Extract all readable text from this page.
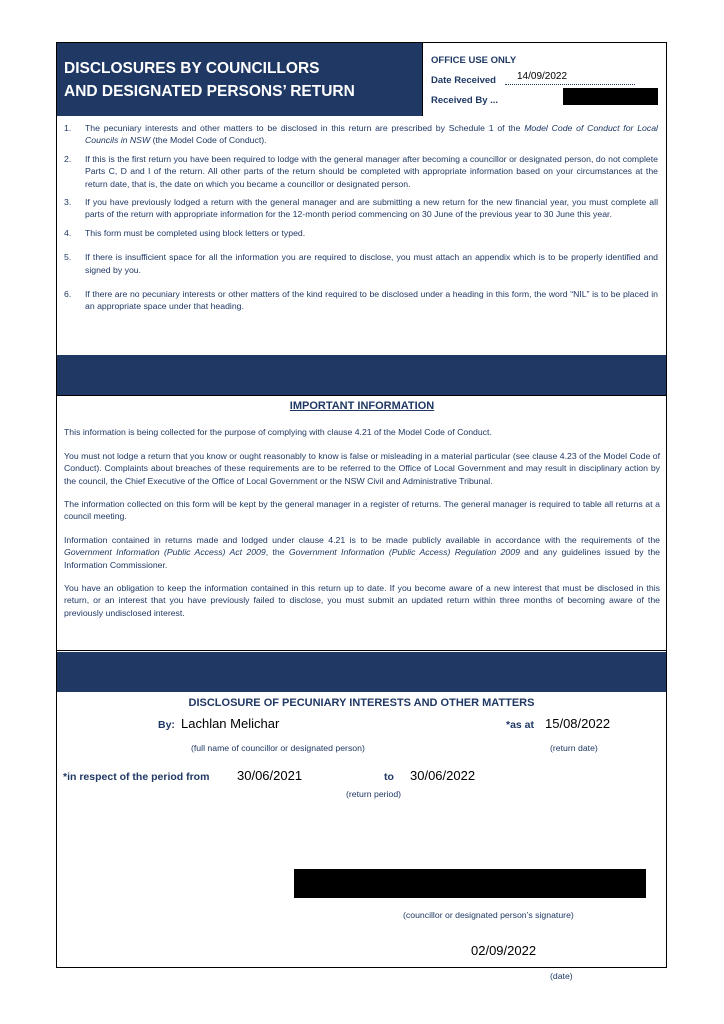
DISCLOSURES BY COUNCILLORS
AND DESIGNATED PERSONS’ RETURN
OFFICE USE ONLY
Date Received 14/09/2022
Received By ...
1.	The pecuniary interests and other matters to be disclosed in this return are prescribed by Schedule 1 of the Model Code of Conduct for Local Councils in NSW (the Model Code of Conduct).
2.	If this is the first return you have been required to lodge with the general manager after becoming a councillor or designated person, do not complete Parts C, D and I of the return. All other parts of the return should be completed with appropriate information based on your circumstances at the return date, that is, the date on which you became a councillor or designated person.
3.	If you have previously lodged a return with the general manager and are submitting a new return for the new financial year, you must complete all parts of the return with appropriate information for the 12-month period commencing on 30 June of the previous year to 30 June this year.
4.	This form must be completed using block letters or typed.
5.	If there is insufficient space for all the information you are required to disclose, you must attach an appendix which is to be properly identified and signed by you.
6.	If there are no pecuniary interests or other matters of the kind required to be disclosed under a heading in this form, the word “NIL” is to be placed in an appropriate space under that heading.
IMPORTANT INFORMATION

This information is being collected for the purpose of complying with clause 4.21 of the Model Code of Conduct.

You must not lodge a return that you know or ought reasonably to know is false or misleading in a material particular (see clause 4.23 of the Model Code of Conduct). Complaints about breaches of these requirements are to be referred to the Office of Local Government and may result in disciplinary action by the council, the Chief Executive of the Office of Local Government or the NSW Civil and Administrative Tribunal.

The information collected on this form will be kept by the general manager in a register of returns. The general manager is required to table all returns at a council meeting.

Information contained in returns made and lodged under clause 4.21 is to be made publicly available in accordance with the requirements of the Government Information (Public Access) Act 2009, the Government Information (Public Access) Regulation 2009 and any guidelines issued by the Information Commissioner.

You have an obligation to keep the information contained in this return up to date. If you become aware of a new interest that must be disclosed in this return, or an interest that you have previously failed to disclose, you must submit an updated return within three months of becoming aware of the previously undisclosed interest.

DISCLOSURE OF PECUNIARY INTERESTS AND OTHER MATTERS
By: Lachlan Melichar	*as at 15/08/2022
(full name of councillor or designated person)	(return date)
*in respect of the period from 30/06/2021	to 30/06/2022
(return period)
(councillor or designated person’s signature)
02/09/2022
(date)
